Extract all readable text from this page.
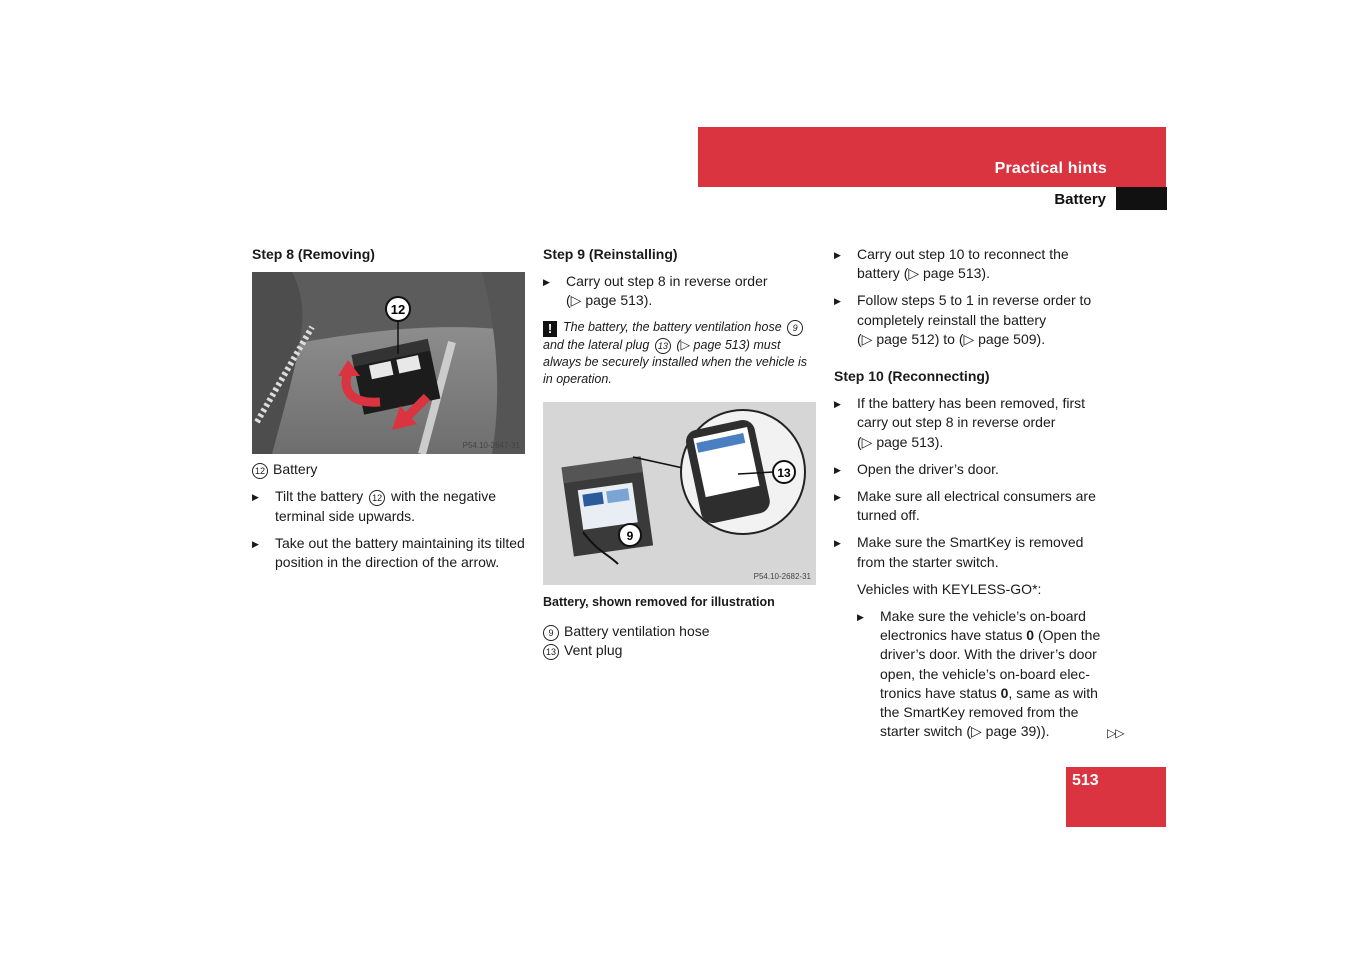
Practical hints
Battery
Step 8 (Removing)
12
P54.10-2647-31

12 Battery

▶ Tilt the battery 12 with the negative terminal side upwards.

▶ Take out the battery maintaining its tilted position in the direction of the arrow.

Step 9 (Reinstalling)

▶ Carry out step 8 in reverse order
(▷ page 513).

! The battery, the battery ventilation hose 9 and the lateral plug 13 (▷ page 513) must always be securely installed when the vehicle is in operation.

13
9
P54.10-2682-31
Battery, shown removed for illustration

9 Battery ventilation hose

13 Vent plug

▶ Carry out step 10 to reconnect the
battery (▷ page 513).

▶ Follow steps 5 to 1 in reverse order to completely reinstall the battery
(▷ page 512) to (▷ page 509).

Step 10 (Reconnecting)

▶ If the battery has been removed, first carry out step 8 in reverse order
(▷ page 513).

▶ Open the driver’s door.

▶ Make sure all electrical consumers are turned off.

▶ Make sure the SmartKey is removed from the starter switch.

Vehicles with KEYLESS-GO*:

▶ Make sure the vehicle’s on-board electronics have status 0 (Open the driver’s door. With the driver’s door open, the vehicle’s on-board elec-tronics have status 0, same as with the SmartKey removed from the starter switch (▷ page 39)).	▷▷
513
